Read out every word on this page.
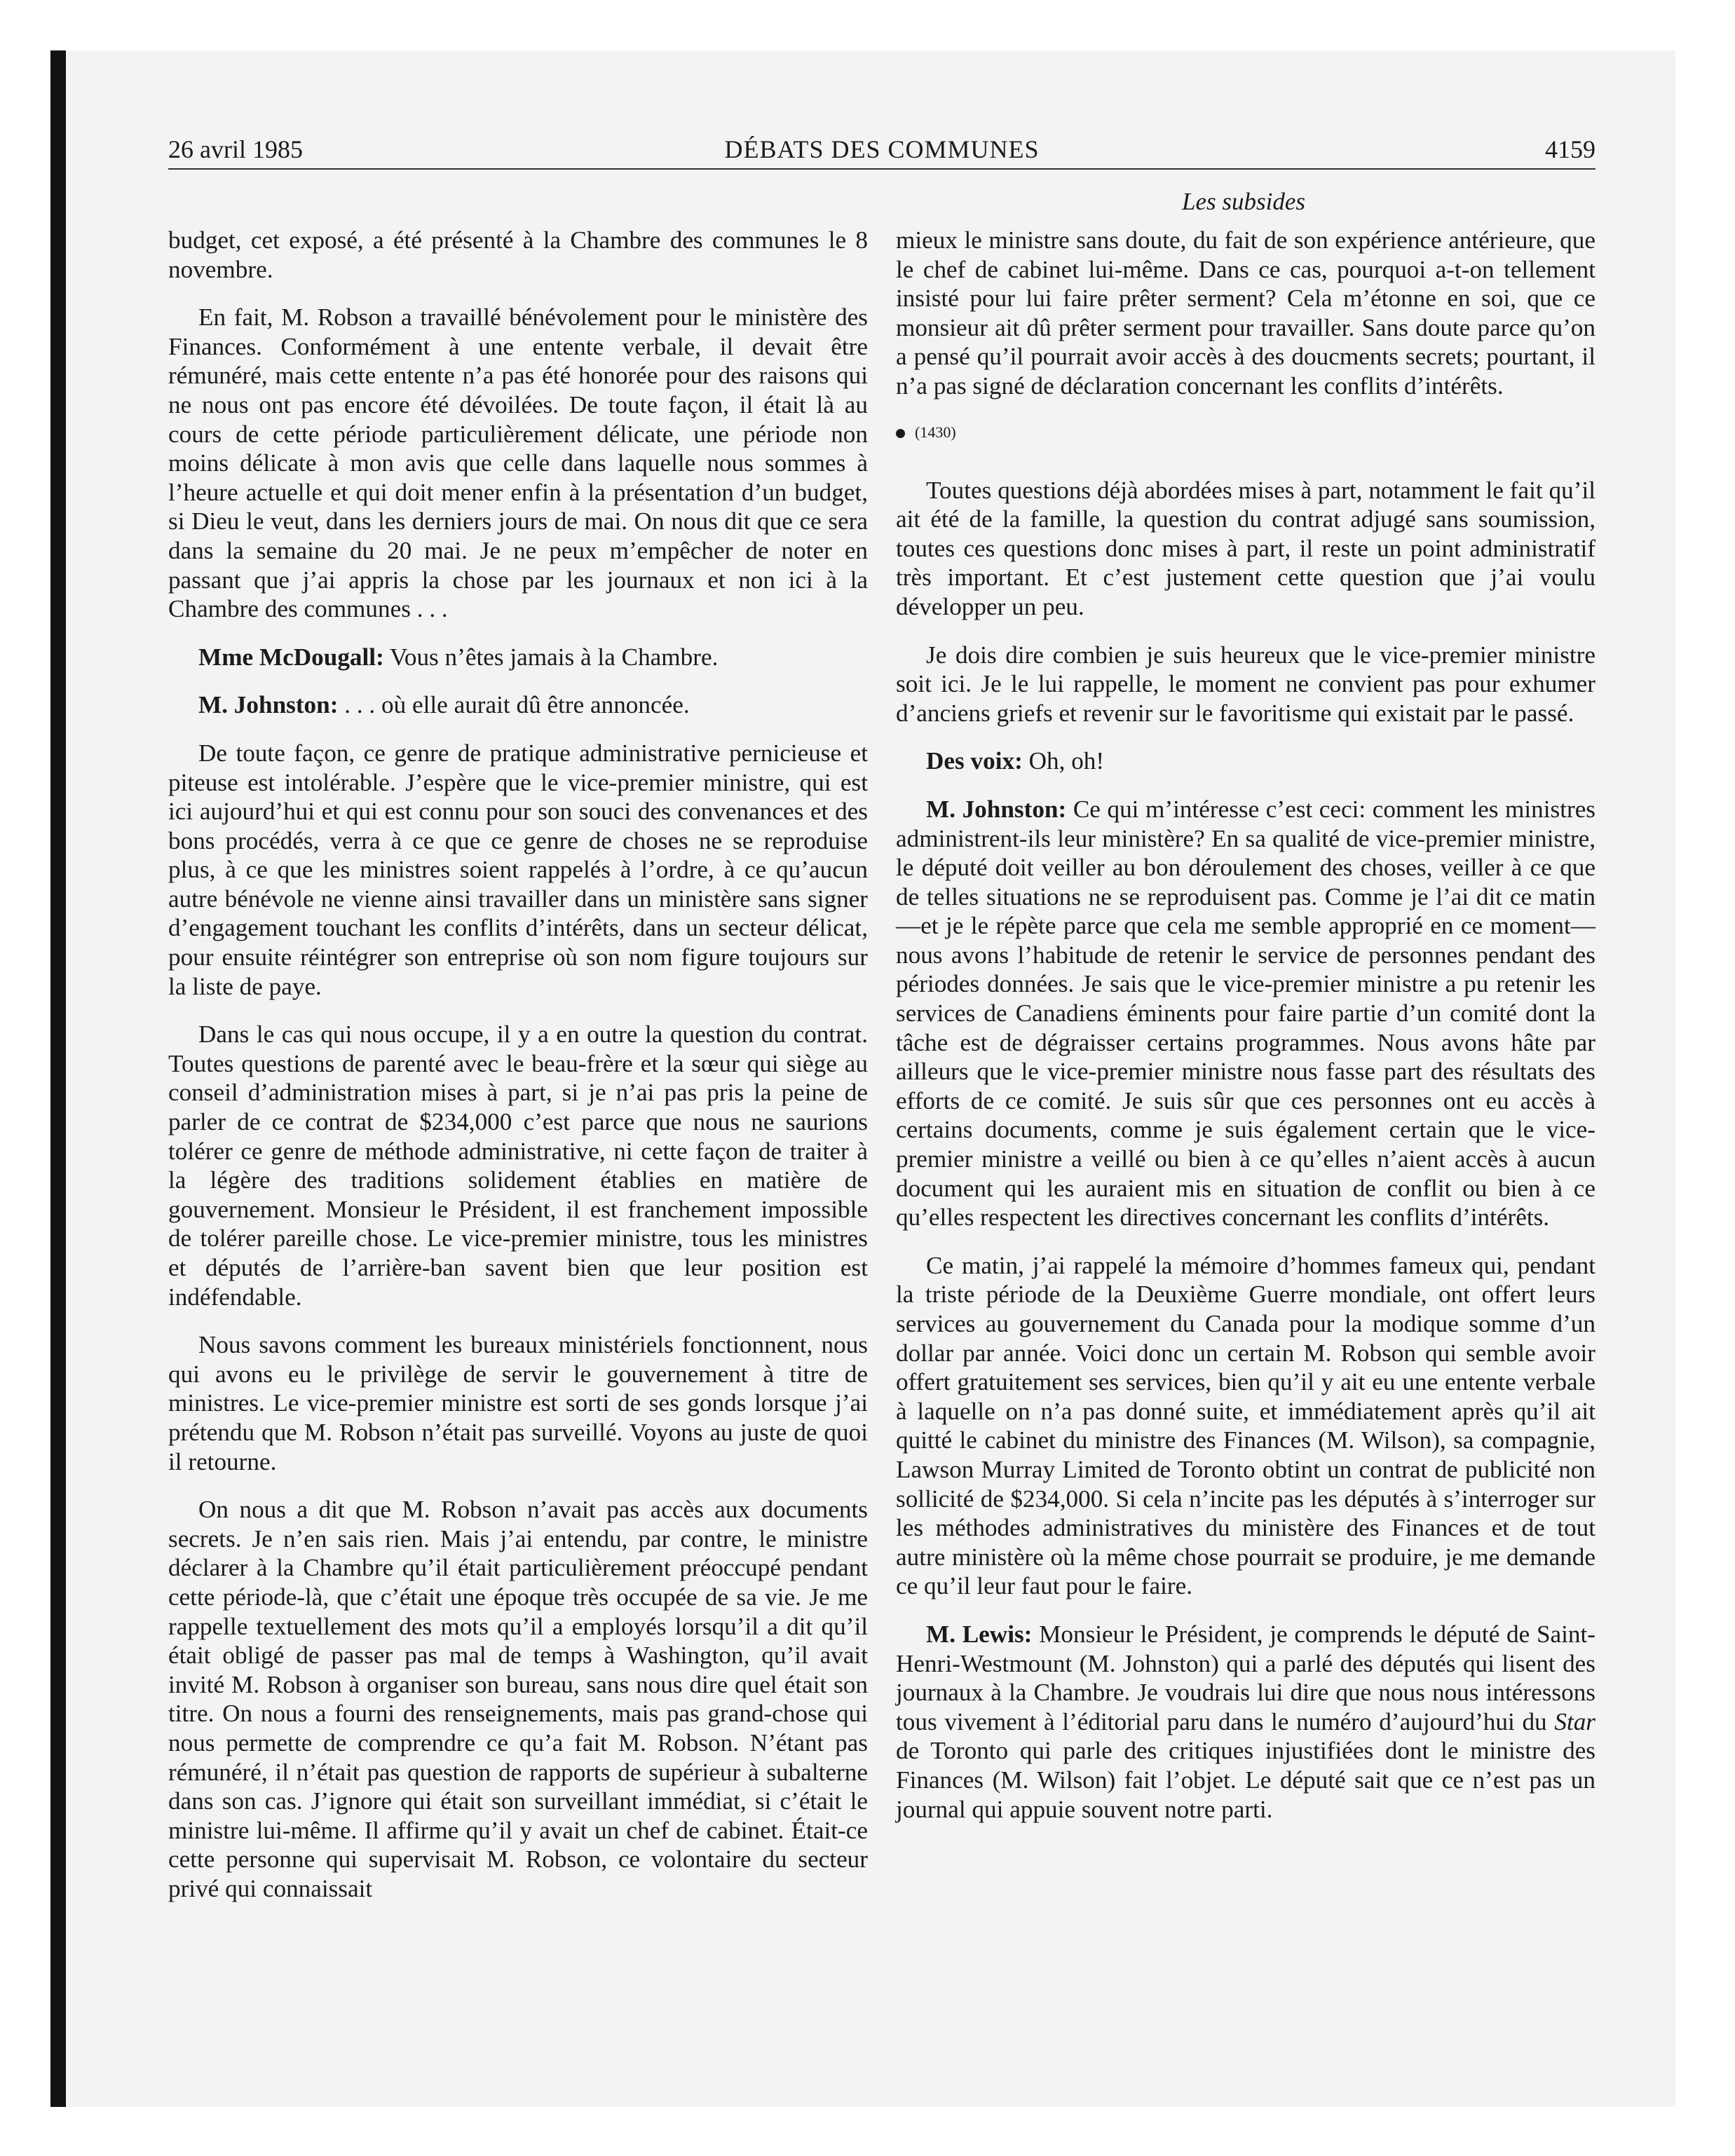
26 avril 1985	DÉBATS DES COMMUNES	4159
Les subsides

budget, cet exposé, a été présenté à la Chambre des communes le 8 novembre.

En fait, M. Robson a travaillé bénévolement pour le ministère des Finances. Conformément à une entente verbale, il devait être rémunéré, mais cette entente n’a pas été honorée pour des raisons qui ne nous ont pas encore été dévoilées. De toute façon, il était là au cours de cette période particulièrement délicate, une période non moins délicate à mon avis que celle dans laquelle nous sommes à l’heure actuelle et qui doit mener enfin à la présentation d’un budget, si Dieu le veut, dans les derniers jours de mai. On nous dit que ce sera dans la semaine du 20 mai. Je ne peux m’empêcher de noter en passant que j’ai appris la chose par les journaux et non ici à la Chambre des communes . . .

Mme McDougall: Vous n’êtes jamais à la Chambre.

M. Johnston: . . . où elle aurait dû être annoncée.

De toute façon, ce genre de pratique administrative pernicieuse et piteuse est intolérable. J’espère que le vice-premier ministre, qui est ici aujourd’hui et qui est connu pour son souci des convenances et des bons procédés, verra à ce que ce genre de choses ne se reproduise plus, à ce que les ministres soient rappelés à l’ordre, à ce qu’aucun autre bénévole ne vienne ainsi travailler dans un ministère sans signer d’engagement touchant les conflits d’intérêts, dans un secteur délicat, pour ensuite réintégrer son entreprise où son nom figure toujours sur la liste de paye.

Dans le cas qui nous occupe, il y a en outre la question du contrat. Toutes questions de parenté avec le beau-frère et la sœur qui siège au conseil d’administration mises à part, si je n’ai pas pris la peine de parler de ce contrat de $234,000 c’est parce que nous ne saurions tolérer ce genre de méthode administrative, ni cette façon de traiter à la légère des traditions solidement établies en matière de gouvernement. Monsieur le Président, il est franchement impossible de tolérer pareille chose. Le vice-premier ministre, tous les ministres et députés de l’arrière-ban savent bien que leur position est indéfendable.

Nous savons comment les bureaux ministériels fonctionnent, nous qui avons eu le privilège de servir le gouvernement à titre de ministres. Le vice-premier ministre est sorti de ses gonds lorsque j’ai prétendu que M. Robson n’était pas surveillé. Voyons au juste de quoi il retourne.

On nous a dit que M. Robson n’avait pas accès aux documents secrets. Je n’en sais rien. Mais j’ai entendu, par contre, le ministre déclarer à la Chambre qu’il était particulièrement préoccupé pendant cette période-là, que c’était une époque très occupée de sa vie. Je me rappelle textuellement des mots qu’il a employés lorsqu’il a dit qu’il était obligé de passer pas mal de temps à Washington, qu’il avait invité M. Robson à organiser son bureau, sans nous dire quel était son titre. On nous a fourni des renseignements, mais pas grand-chose qui nous permette de comprendre ce qu’a fait M. Robson. N’étant pas rémunéré, il n’était pas question de rapports de supérieur à subalterne dans son cas. J’ignore qui était son surveillant immédiat, si c’était le ministre lui-même. Il affirme qu’il y avait un chef de cabinet. Était-ce cette personne qui supervisait M. Robson, ce volontaire du secteur privé qui connaissait

mieux le ministre sans doute, du fait de son expérience antérieure, que le chef de cabinet lui-même. Dans ce cas, pourquoi a-t-on tellement insisté pour lui faire prêter serment? Cela m’étonne en soi, que ce monsieur ait dû prêter serment pour travailler. Sans doute parce qu’on a pensé qu’il pourrait avoir accès à des doucments secrets; pourtant, il n’a pas signé de déclaration concernant les conflits d’intérêts.

(1430)

Toutes questions déjà abordées mises à part, notamment le fait qu’il ait été de la famille, la question du contrat adjugé sans soumission, toutes ces questions donc mises à part, il reste un point administratif très important. Et c’est justement cette question que j’ai voulu développer un peu.

Je dois dire combien je suis heureux que le vice-premier ministre soit ici. Je le lui rappelle, le moment ne convient pas pour exhumer d’anciens griefs et revenir sur le favoritisme qui existait par le passé.

Des voix: Oh, oh!

M. Johnston: Ce qui m’intéresse c’est ceci: comment les ministres administrent-ils leur ministère? En sa qualité de vice-premier ministre, le député doit veiller au bon déroulement des choses, veiller à ce que de telles situations ne se reproduisent pas. Comme je l’ai dit ce matin—et je le répète parce que cela me semble approprié en ce moment—nous avons l’habitude de retenir le service de personnes pendant des périodes données. Je sais que le vice-premier ministre a pu retenir les services de Canadiens éminents pour faire partie d’un comité dont la tâche est de dégraisser certains programmes. Nous avons hâte par ailleurs que le vice-premier ministre nous fasse part des résultats des efforts de ce comité. Je suis sûr que ces personnes ont eu accès à certains documents, comme je suis également certain que le vice-premier ministre a veillé ou bien à ce qu’elles n’aient accès à aucun document qui les auraient mis en situation de conflit ou bien à ce qu’elles respectent les directives concernant les conflits d’intérêts.

Ce matin, j’ai rappelé la mémoire d’hommes fameux qui, pendant la triste période de la Deuxième Guerre mondiale, ont offert leurs services au gouvernement du Canada pour la modique somme d’un dollar par année. Voici donc un certain M. Robson qui semble avoir offert gratuitement ses services, bien qu’il y ait eu une entente verbale à laquelle on n’a pas donné suite, et immédiatement après qu’il ait quitté le cabinet du ministre des Finances (M. Wilson), sa compagnie, Lawson Murray Limited de Toronto obtint un contrat de publicité non sollicité de $234,000. Si cela n’incite pas les députés à s’interroger sur les méthodes administratives du ministère des Finances et de tout autre ministère où la même chose pourrait se produire, je me demande ce qu’il leur faut pour le faire.

M. Lewis: Monsieur le Président, je comprends le député de Saint-Henri-Westmount (M. Johnston) qui a parlé des députés qui lisent des journaux à la Chambre. Je voudrais lui dire que nous nous intéressons tous vivement à l’éditorial paru dans le numéro d’aujourd’hui du Star de Toronto qui parle des critiques injustifiées dont le ministre des Finances (M. Wilson) fait l’objet. Le député sait que ce n’est pas un journal qui appuie souvent notre parti.
